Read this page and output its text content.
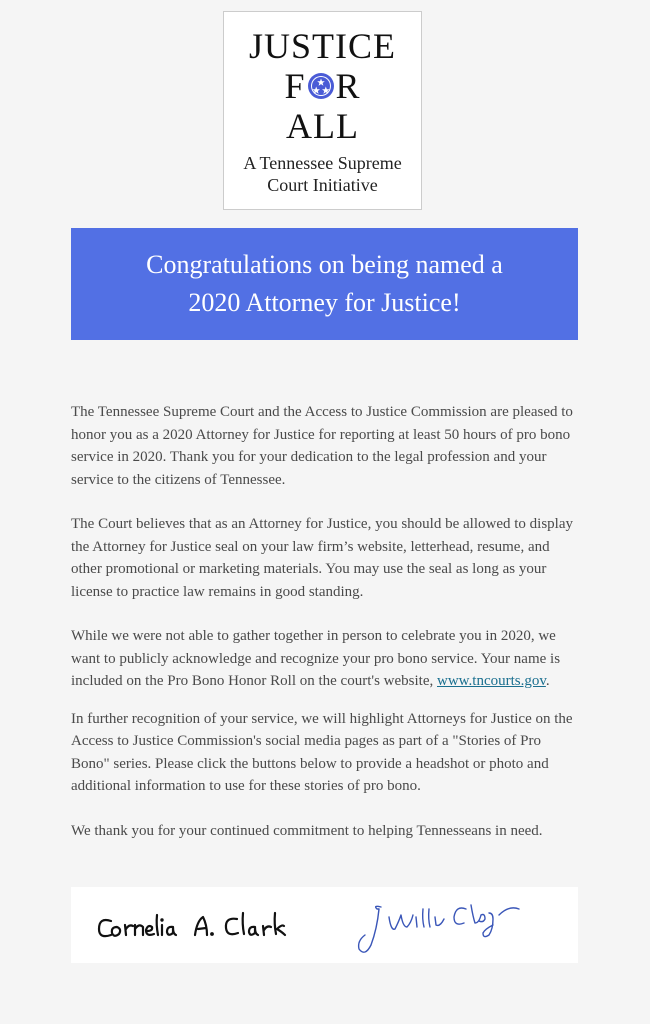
JUSTICE
F R
ALL
A Tennessee Supreme
Court Initiative
Congratulations on being named a
2020 Attorney for Justice!

The Tennessee Supreme Court and the Access to Justice Commission are pleased to honor you as a 2020 Attorney for Justice for reporting at least 50 hours of pro bono service in 2020. Thank you for your dedication to the legal profession and your service to the citizens of Tennessee.

The Court believes that as an Attorney for Justice, you should be allowed to display the Attorney for Justice seal on your law firm’s website, letterhead, resume, and other promotional or marketing materials. You may use the seal as long as your license to practice law remains in good standing.

While we were not able to gather together in person to celebrate you in 2020, we want to publicly acknowledge and recognize your pro bono service. Your name is included on the Pro Bono Honor Roll on the court's website, www.tncourts.gov.

In further recognition of your service, we will highlight Attorneys for Justice on the Access to Justice Commission's social media pages as part of a "Stories of Pro Bono" series. Please click the buttons below to provide a headshot or photo and additional information to use for these stories of pro bono.

We thank you for your continued commitment to helping Tennesseans in need.
